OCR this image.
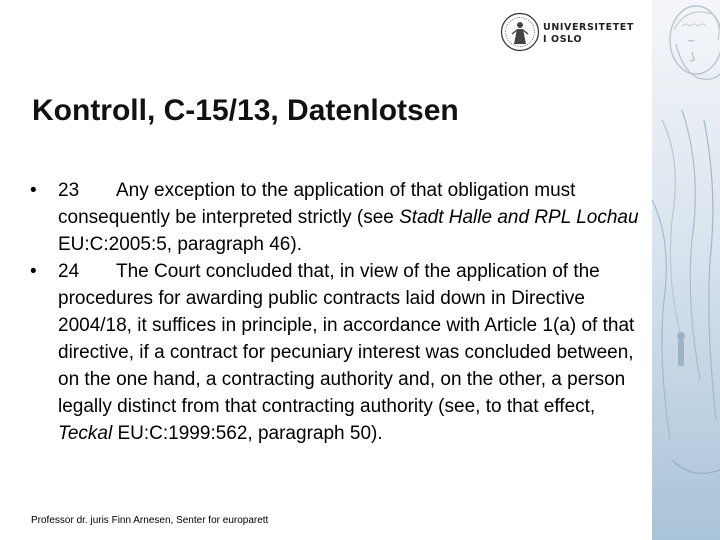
UNIVERSITETET
I OSLO
Kontroll, C-15/13, Datenlotsen
• 23 Any exception to the application of that obligation must consequently be interpreted strictly (see Stadt Halle and RPL Lochau EU:C:2005:5, paragraph 46).
• 24 The Court concluded that, in view of the application of the procedures for awarding public contracts laid down in Directive 2004/18, it suffices in principle, in accordance with Article 1(a) of that directive, if a contract for pecuniary interest was concluded between, on the one hand, a contracting authority and, on the other, a person legally distinct from that contracting authority (see, to that effect, Teckal EU:C:1999:562, paragraph 50).
Professor dr. juris Finn Arnesen, Senter for europarett
